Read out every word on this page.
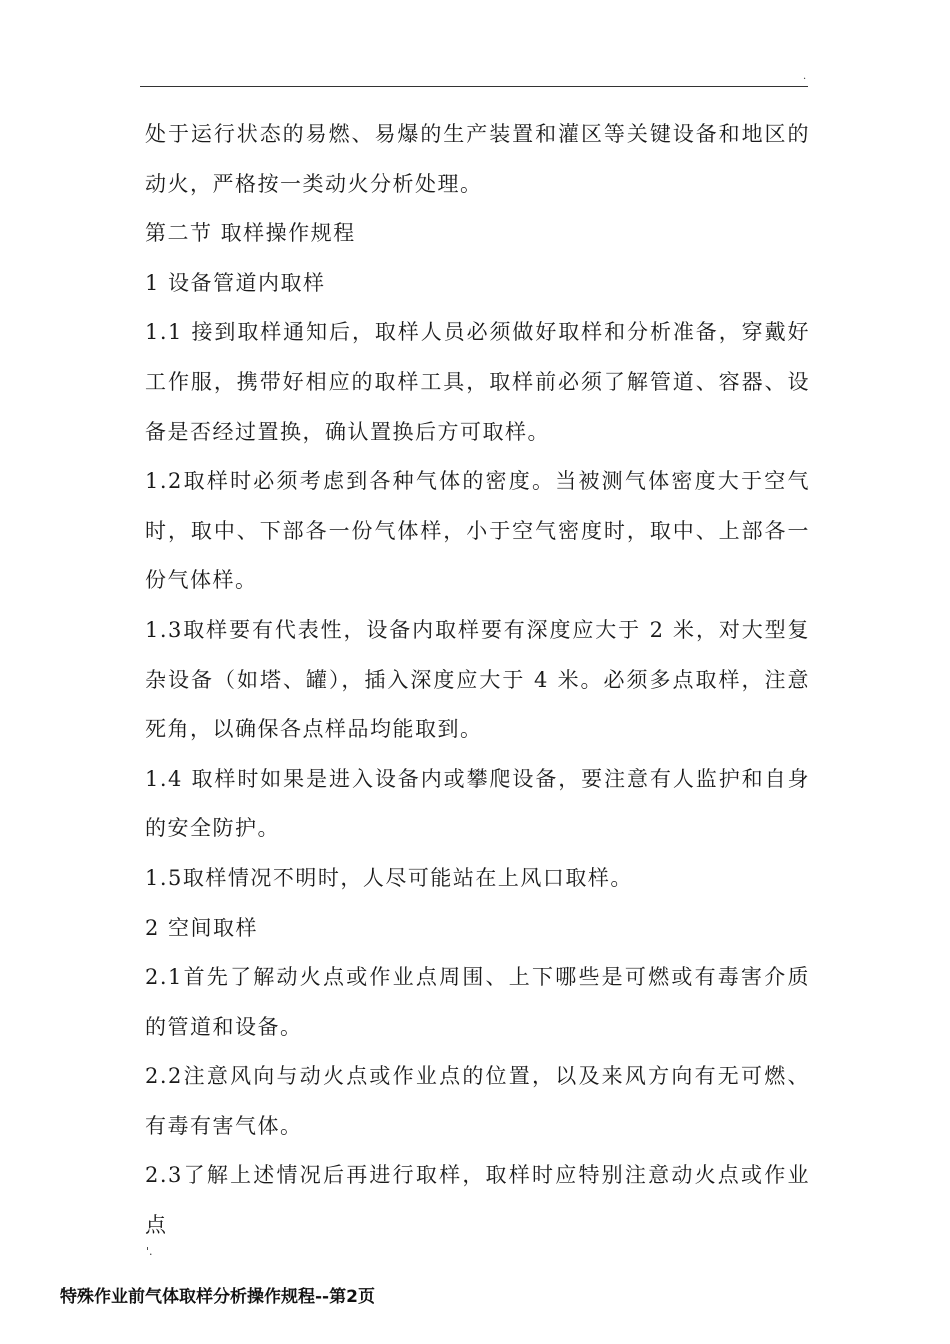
.

处于运行状态的易燃、易爆的生产装置和灌区等关键设备和地区的动火，严格按一类动火分析处理。

第二节 取样操作规程

1 设备管道内取样

1.1 接到取样通知后，取样人员必须做好取样和分析准备，穿戴好工作服，携带好相应的取样工具，取样前必须了解管道、容器、设备是否经过置换，确认置换后方可取样。

1.2取样时必须考虑到各种气体的密度。当被测气体密度大于空气时，取中、下部各一份气体样，小于空气密度时，取中、上部各一份气体样。

1.3取样要有代表性，设备内取样要有深度应大于 2 米，对大型复杂设备（如塔、罐），插入深度应大于 4 米。必须多点取样，注意死角，以确保各点样品均能取到。

1.4 取样时如果是进入设备内或攀爬设备，要注意有人监护和自身的安全防护。

1.5取样情况不明时，人尽可能站在上风口取样。

2 空间取样

2.1首先了解动火点或作业点周围、上下哪些是可燃或有毒害介质的管道和设备。

2.2注意风向与动火点或作业点的位置，以及来风方向有无可燃、有毒有害气体。

2.3了解上述情况后再进行取样，取样时应特别注意动火点或作业点

'.
特殊作业前气体取样分析操作规程--第2页
